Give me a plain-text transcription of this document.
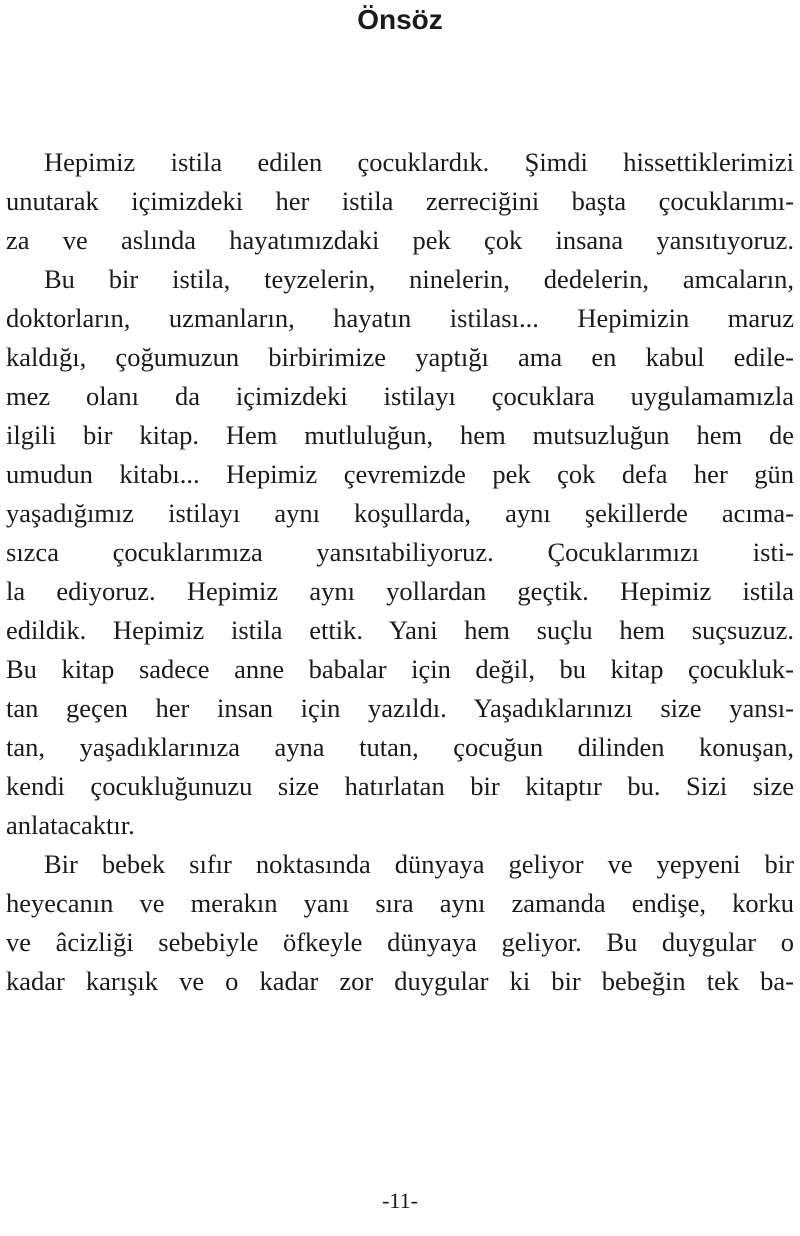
Önsöz
Hepimiz istila edilen çocuklardık. Şimdi hissettiklerimizi
unutarak içimizdeki her istila zerreciğini başta çocuklarımı-
za ve aslında hayatımızdaki pek çok insana yansıtıyoruz.
Bu bir istila, teyzelerin, ninelerin, dedelerin, amcaların,
doktorların, uzmanların, hayatın istilası... Hepimizin maruz
kaldığı, çoğumuzun birbirimize yaptığı ama en kabul edile-
mez olanı da içimizdeki istilayı çocuklara uygulamamızla
ilgili bir kitap. Hem mutluluğun, hem mutsuzluğun hem de
umudun kitabı... Hepimiz çevremizde pek çok defa her gün
yaşadığımız istilayı aynı koşullarda, aynı şekillerde acıma-
sızca çocuklarımıza yansıtabiliyoruz. Çocuklarımızı isti-
la ediyoruz. Hepimiz aynı yollardan geçtik. Hepimiz istila
edildik. Hepimiz istila ettik. Yani hem suçlu hem suçsuzuz.
Bu kitap sadece anne babalar için değil, bu kitap çocukluk-
tan geçen her insan için yazıldı. Yaşadıklarınızı size yansı-
tan, yaşadıklarınıza ayna tutan, çocuğun dilinden konuşan,
kendi çocukluğunuzu size hatırlatan bir kitaptır bu. Sizi size
anlatacaktır.
Bir bebek sıfır noktasında dünyaya geliyor ve yepyeni bir
heyecanın ve merakın yanı sıra aynı zamanda endişe, korku
ve âcizliği sebebiyle öfkeyle dünyaya geliyor. Bu duygular o
kadar karışık ve o kadar zor duygular ki bir bebeğin tek ba-
-11-
